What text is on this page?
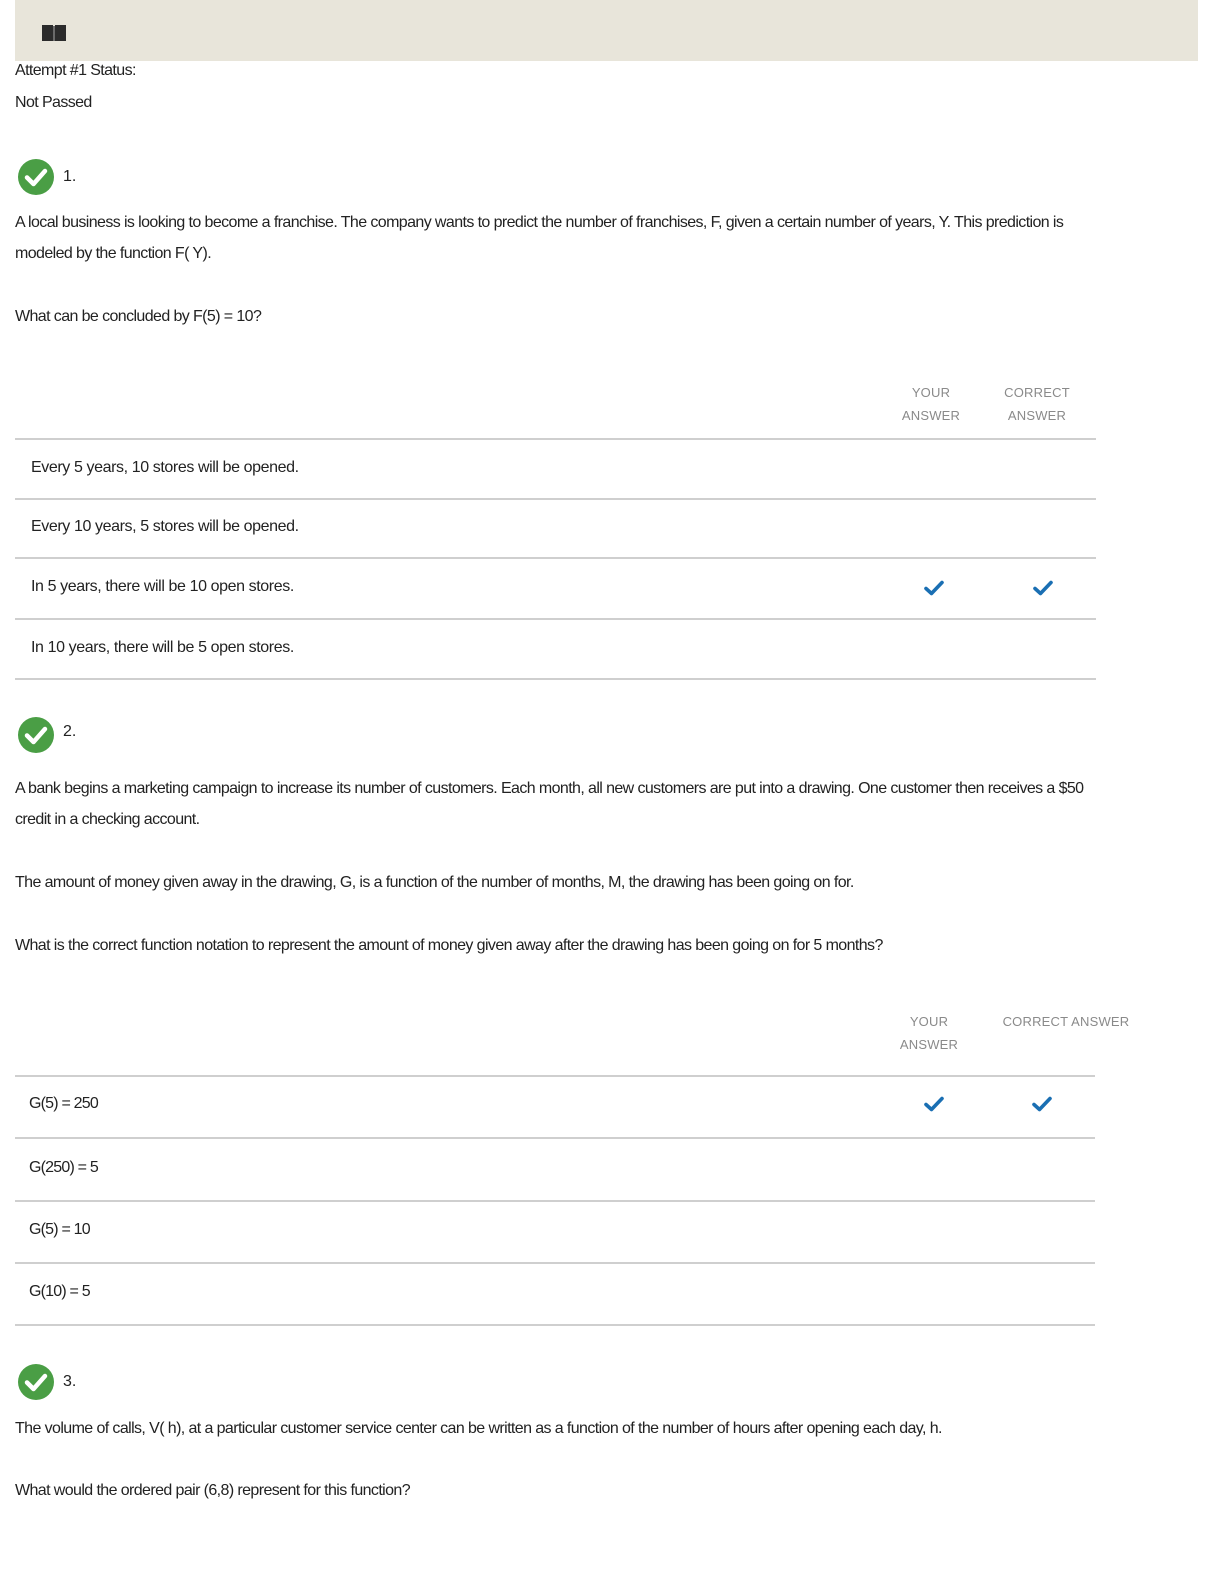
Attempt #1 Status:
Not Passed
1.
A local business is looking to become a franchise. The company wants to predict the number of franchises, F, given a certain number of years, Y. This prediction is modeled by the function F( Y).
What can be concluded by F(5) = 10?
YOUR
ANSWER
CORRECT
ANSWER
Every 5 years, 10 stores will be opened.
Every 10 years, 5 stores will be opened.
In 5 years, there will be 10 open stores.
In 10 years, there will be 5 open stores.
2.
A bank begins a marketing campaign to increase its number of customers. Each month, all new customers are put into a drawing. One customer then receives a $50 credit in a checking account.
The amount of money given away in the drawing, G, is a function of the number of months, M, the drawing has been going on for.
What is the correct function notation to represent the amount of money given away after the drawing has been going on for 5 months?
YOUR
ANSWER
CORRECT ANSWER
G(5) = 250
G(250) = 5
G(5) = 10
G(10) = 5
3.
The volume of calls, V( h), at a particular customer service center can be written as a function of the number of hours after opening each day, h.
What would the ordered pair (6,8) represent for this function?
